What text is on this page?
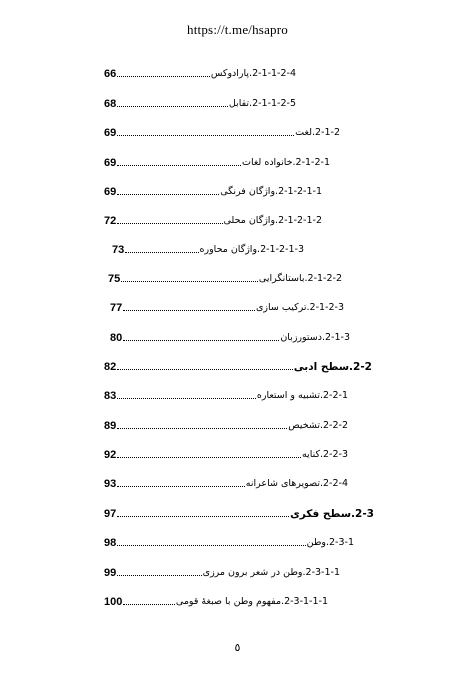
https://t.me/hsapro
66	2-1-1-2-4.پارادوکس
68	2-1-1-2-5.تقابل
69	2-1-2.لغت
69	2-1-2-1.خانواده لغات
69	2-1-2-1-1.واژگان فرنگی
72	2-1-2-1-2.واژگان محلی
73	2-1-2-1-3.واژگان محاوره
75	2-1-2-2.باستانگرایی
77	2-1-2-3.ترکیب سازی
80	2-1-3.دستورزبان
82	2-2.سطح ادبی
83	2-2-1.تشبیه و استعاره
89	2-2-2.تشخیص
92	2-2-3.کنایه
93	2-2-4.تصویرهای شاعرانه
97	2-3.سطح فکری
98	2-3-1.وطن
99	2-3-1-1.وطن در شعر برون مرزی
100	2-3-1-1-1.مفهوم وطن با صبغهٔ قومی
٥
